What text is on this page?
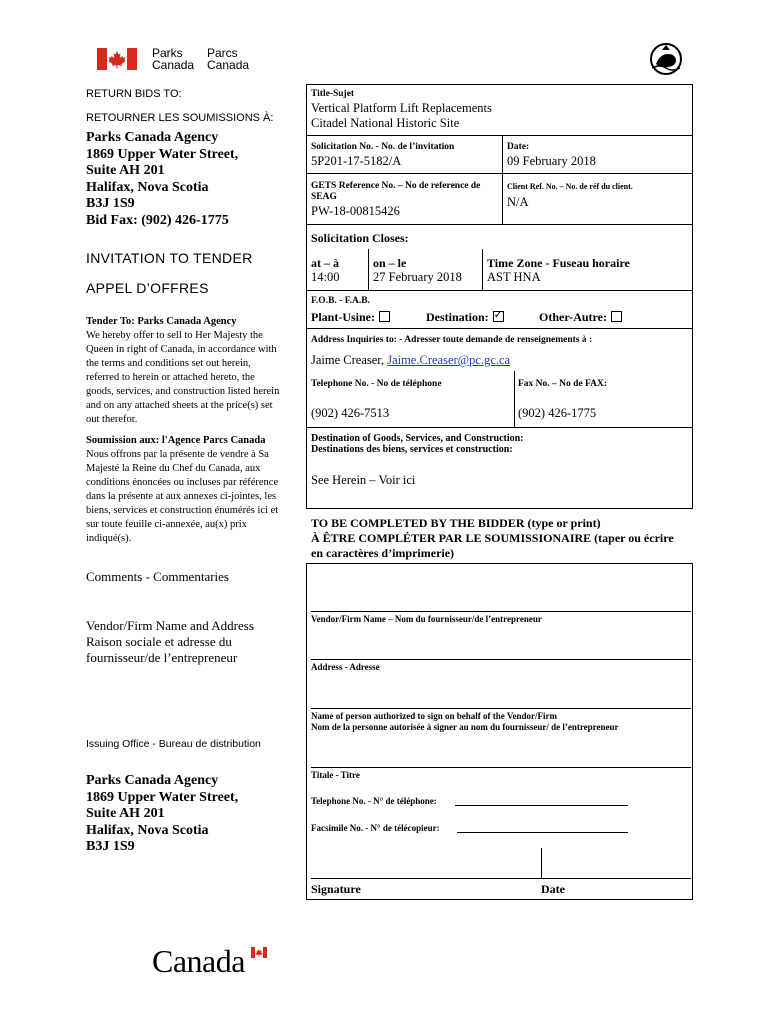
Parks
Canada
Parcs
Canada
RETURN BIDS TO:
RETOURNER LES SOUMISSIONS À:
Parks Canada Agency
1869 Upper Water Street,
Suite AH 201
Halifax, Nova Scotia
B3J 1S9
Bid Fax: (902) 426-1775
INVITATION TO TENDER
APPEL D’OFFRES
Tender To: Parks Canada Agency
We hereby offer to sell to Her Majesty the
Queen in right of Canada, in accordance with
the terms and conditions set out herein,
referred to herein or attached hereto, the
goods, services, and construction listed herein
and on any attached sheets at the price(s) set
out therefor.
Soumission aux: l'Agence Parcs Canada
Nous offrons par la présente de vendre à Sa
Majesté la Reine du Chef du Canada, aux
conditions énoncées ou incluses par référence
dans la présente at aux annexes ci-jointes, les
biens, services et construction énumérés ici et
sur toute feuille ci-annexée, au(x) prix
indiqué(s).
Comments - Commentaries
Vendor/Firm Name and Address
Raison sociale et adresse du
fournisseur/de l’entrepreneur
Issuing Office - Bureau de distribution
Parks Canada Agency
1869 Upper Water Street,
Suite AH 201
Halifax, Nova Scotia
B3J 1S9
Title-Sujet
Vertical Platform Lift Replacements
Citadel National Historic Site
Solicitation No. - No. de l’invitation
5P201-17-5182/A
Date:
09 February 2018
GETS Reference No. – No de reference de
SEAG
PW-18-00815426
Client Ref. No. – No. de réf du client.
N/A
Solicitation Closes:
at – à
14:00
on – le
27 February 2018
Time Zone - Fuseau horaire
AST HNA
F.O.B. - F.A.B.
Plant-Usine:	Destination:✓	Other-Autre:
Address Inquiries to: - Adresser toute demande de renseignements à :
Jaime Creaser, Jaime.Creaser@pc.gc.ca
Telephone No. - No de téléphone
(902) 426-7513
Fax No. – No de FAX:
(902) 426-1775
Destination of Goods, Services, and Construction:
Destinations des biens, services et construction:
See Herein – Voir ici
TO BE COMPLETED BY THE BIDDER (type or print)
À ÊTRE COMPLÉTER PAR LE SOUMISSIONAIRE (taper ou écrire
en caractères d’imprimerie)
Vendor/Firm Name – Nom du fournisseur/de l’entrepreneur
Address - Adresse
Name of person authorized to sign on behalf of the Vendor/Firm
Nom de la personne autorisée à signer au nom du fournisseur/ de l’entrepreneur
Titale - Titre
Telephone No. - N° de téléphone:
Facsimile No. - N° de télécopieur:
Signature	Date
Canada
